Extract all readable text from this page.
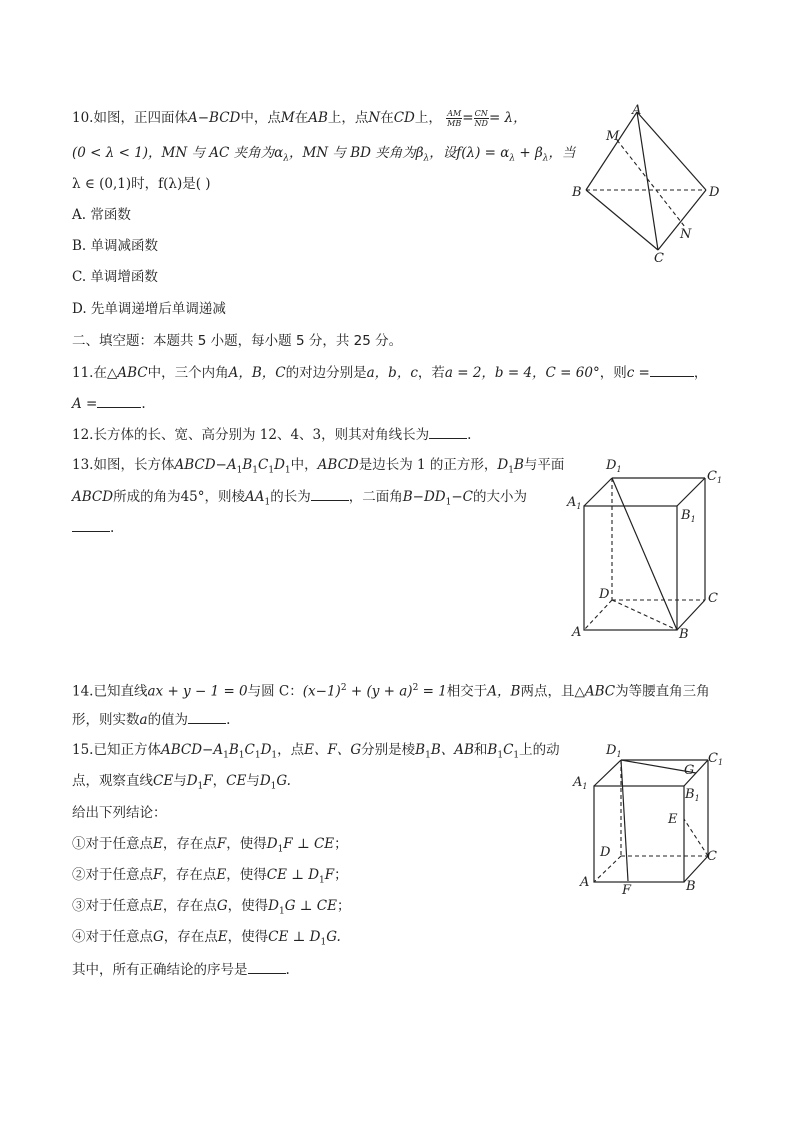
10.如图，正四面体A−BCD中，点M在AB上，点N在CD上， $\frac{AM}{MB} = \frac{CN}{ND} = \lambda$，
(0 < λ < 1)，MN 与 AC 夹角为$\alpha_\lambda$，MN 与 BD 夹角为$\beta_\lambda$，设$f(\lambda) = \alpha_\lambda + \beta_\lambda$，当
λ ∈ (0,1)时，f(λ)是( )
A. 常函数
B. 单调减函数
C. 单调增函数
D. 先单调递增后单调递减
A
M
B	D
N
C
二、填空题：本题共 5 小题，每小题 5 分，共 25 分。
11.在△ABC中，三个内角A，B，C的对边分别是a，b，c，若a = 2，b = 4，C = 60°，则c =	，
A =	.
12.长方体的长、宽、高分别为 12、4、3，则其对角线长为	.
13.如图，长方体$ABCD-A_1B_1C_1D_1$中，ABCD是边长为 1 的正方形，$D_1B$与平面
ABCD所成的角为45°，则棱$AA_1$的长为	，二面角$B-DD_1-C$的大小为
.
$D_1$	$C_1$
$A_1$
$B_1$
D	C
A	B
14.已知直线ax + y − 1 = 0与圆 C：$(x-1)^2 + (y + a)^2 = 1$相交于A，B两点，且△ABC为等腰直角三角
形，则实数a的值为	.
15.已知正方体$ABCD-A_1B_1C_1D_1$，点E、F、G分别是棱$B_1B$、AB和$B_1C_1$上的动
点，观察直线CE与$D_1F$，CE与$D_1G$.
给出下列结论：
①对于任意点E，存在点F，使得$D_1F$ ⊥ CE；
②对于任意点F，存在点E，使得CE ⊥ $D_1F$；
③对于任意点E，存在点G，使得$D_1G$ ⊥ CE；
④对于任意点G，存在点E，使得CE ⊥ $D_1G$.
其中，所有正确结论的序号是	.
$D_1$	$C_1$
G
$A_1$
$B_1$
E
D	C
A
F	B
